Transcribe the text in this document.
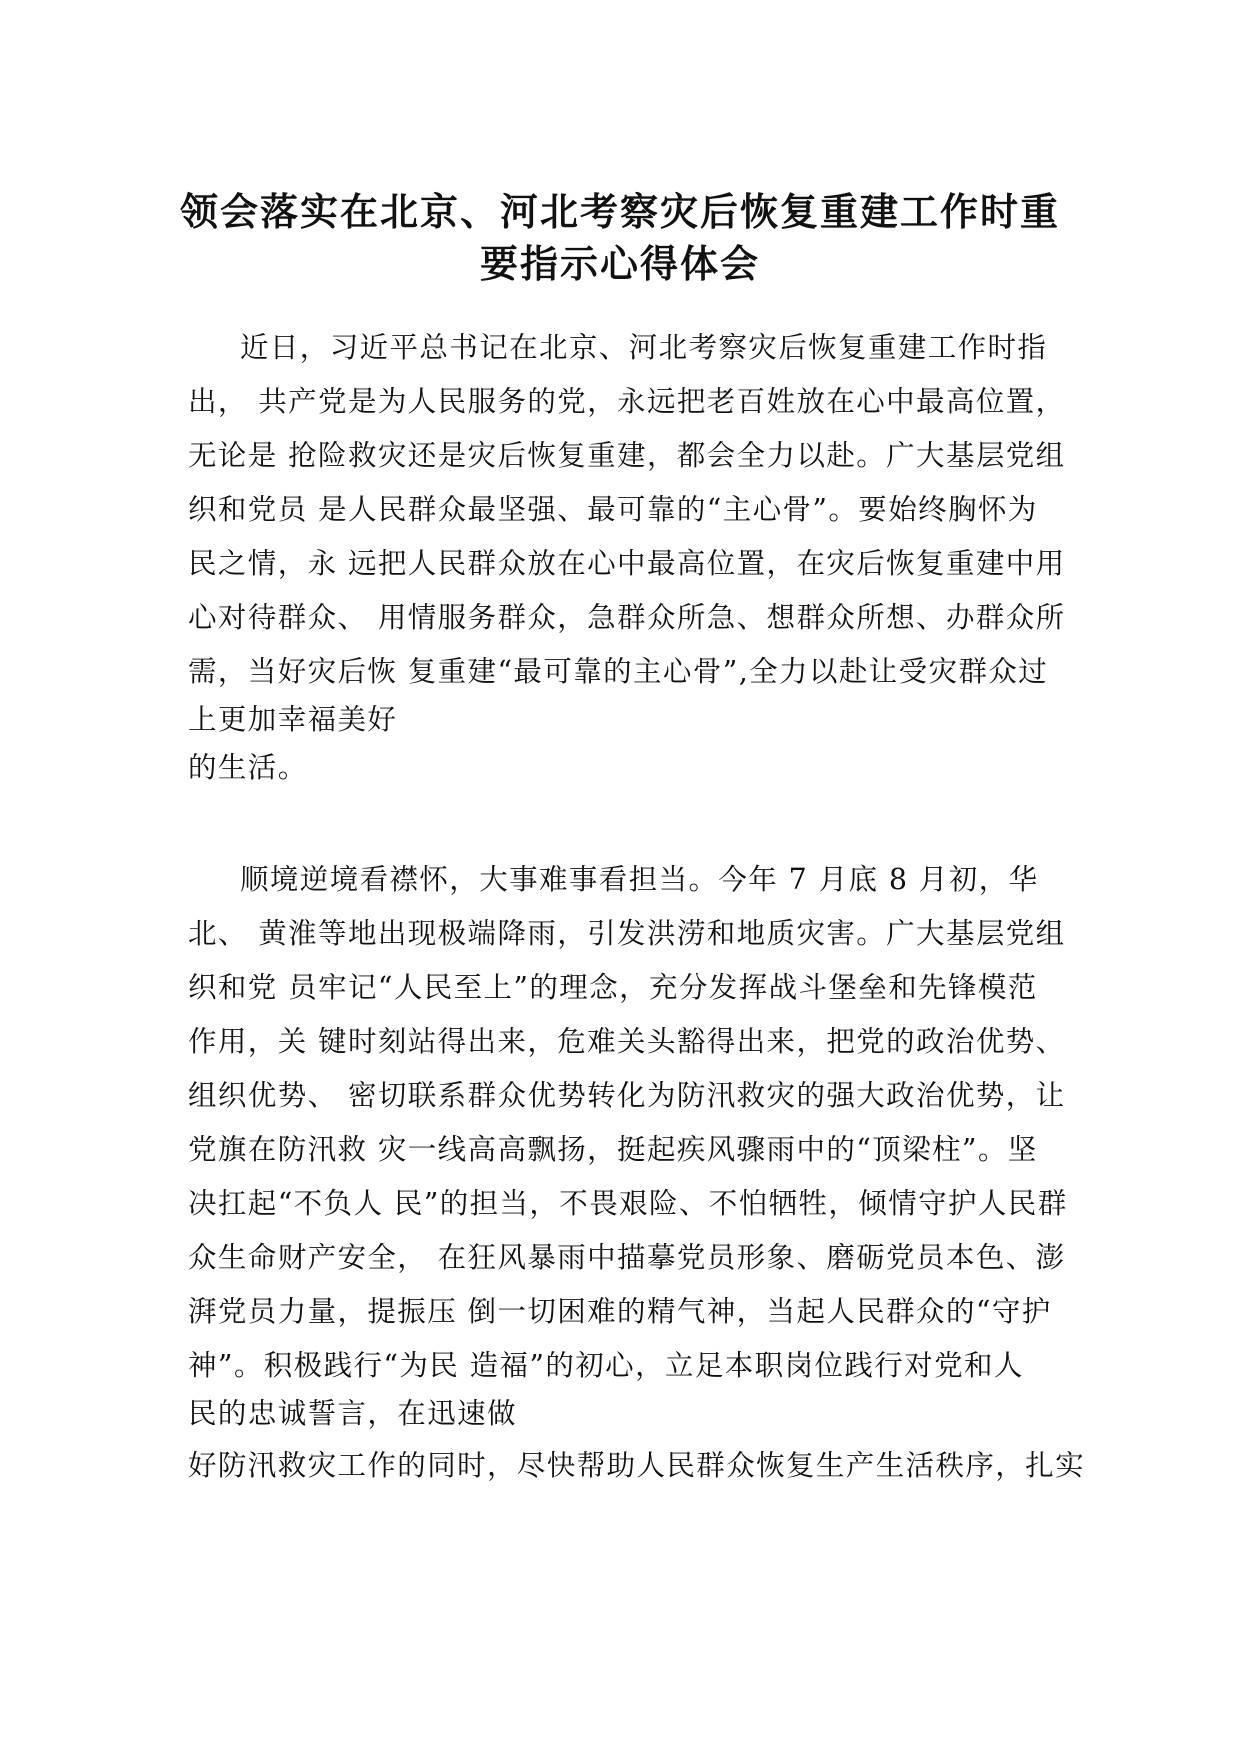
领会落实在北京、河北考察灾后恢复重建工作时重
要指示心得体会

近日，习近平总书记在北京、河北考察灾后恢复重建工作时指

出， 共产党是为人民服务的党，永远把老百姓放在心中最高位置，

无论是 抢险救灾还是灾后恢复重建，都会全力以赴。广大基层党组

织和党员 是人民群众最坚强、最可靠的“主心骨”。要始终胸怀为

民之情，永 远把人民群众放在心中最高位置，在灾后恢复重建中用

心对待群众、 用情服务群众，急群众所急、想群众所想、办群众所

需，当好灾后恢 复重建“最可靠的主心骨”,全力以赴让受灾群众过

上更加幸福美好

的生活。

顺境逆境看襟怀，大事难事看担当。今年 7 月底 8 月初，华

北、 黄淮等地出现极端降雨，引发洪涝和地质灾害。广大基层党组

织和党 员牢记“人民至上”的理念，充分发挥战斗堡垒和先锋模范

作用，关 键时刻站得出来，危难关头豁得出来，把党的政治优势、

组织优势、 密切联系群众优势转化为防汛救灾的强大政治优势，让

党旗在防汛救 灾一线高高飘扬，挺起疾风骤雨中的“顶梁柱”。坚

决扛起“不负人 民”的担当，不畏艰险、不怕牺牲，倾情守护人民群

众生命财产安全， 在狂风暴雨中描摹党员形象、磨砺党员本色、澎

湃党员力量，提振压 倒一切困难的精气神，当起人民群众的“守护

神”。积极践行“为民 造福”的初心，立足本职岗位践行对党和人

民的忠诚誓言，在迅速做

好防汛救灾工作的同时，尽快帮助人民群众恢复生产生活秩序，扎实
